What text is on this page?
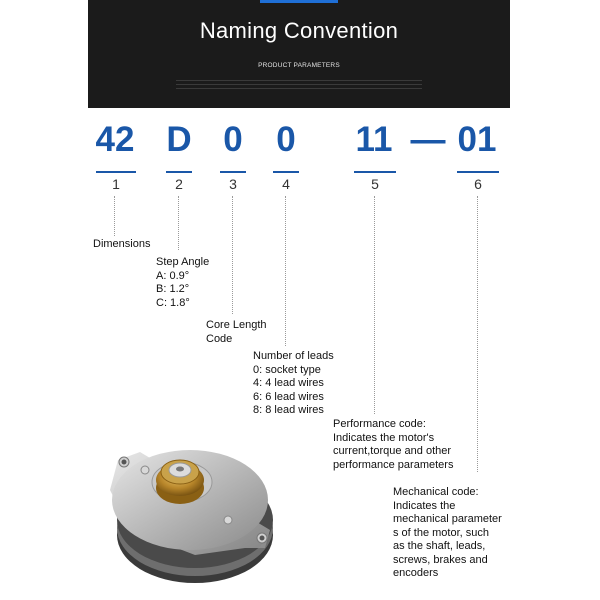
Naming Convention
PRODUCT PARAMETERS
42 D 0 0 11 — 01
1	2	3	4	5	6
Dimensions
Step Angle
A: 0.9°
B: 1.2°
C: 1.8°
Core Length
Code
Number of leads
0: socket type
4: 4 lead wires
6: 6 lead wires
8: 8 lead wires
Performance code:
Indicates the motor's
current,torque and other
performance parameters
Mechanical code:
Indicates the
mechanical parameter
s of the motor, such
as the shaft, leads,
screws, brakes and
encoders
